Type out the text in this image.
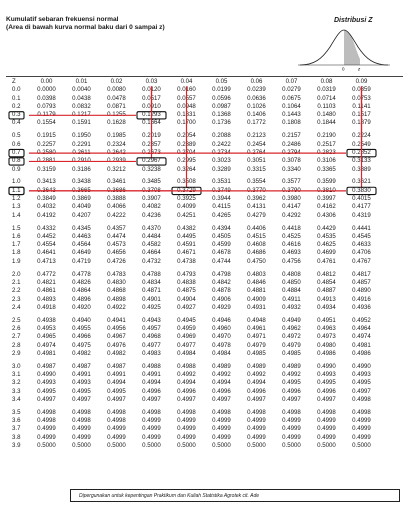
Kumulatif sebaran frekuensi normal
(Area di bawah kurva normal baku dari 0 sampai z)
Distribusi Z
0	z
Z	0.00	0.01	0.02	0.03	0.04	0.05	0.06	0.07	0.08	0.09
0.0	0.0000	0.0040	0.0080	0.0120	0.0160	0.0199	0.0239	0.0279	0.0319	0.0359
0.1	0.0398	0.0438	0.0478	0.0517	0.0557	0.0596	0.0636	0.0675	0.0714	0.0753
0.2	0.0793	0.0832	0.0871	0.0910	0.0948	0.0987	0.1026	0.1064	0.1103	0.1141
0.3	0.1179	0.1217	0.1255	0.1293	0.1331	0.1368	0.1406	0.1443	0.1480	0.1517
0.4	0.1554	0.1591	0.1628	0.1664	0.1700	0.1736	0.1772	0.1808	0.1844	0.1879

0.5	0.1915	0.1950	0.1985	0.2019	0.2054	0.2088	0.2123	0.2157	0.2190	0.2224
0.6	0.2257	0.2291	0.2324	0.2357	0.2389	0.2422	0.2454	0.2486	0.2517	0.2549
0.7	0.2580	0.2611	0.2642	0.2673	0.2704	0.2734	0.2764	0.2794	0.2823	0.2852
0.8	0.2881	0.2910	0.2939	0.2967	0.2995	0.3023	0.3051	0.3078	0.3106	0.3133
0.9	0.3159	0.3186	0.3212	0.3238	0.3264	0.3289	0.3315	0.3340	0.3365	0.3389

1.0	0.3413	0.3438	0.3461	0.3485	0.3508	0.3531	0.3554	0.3577	0.3599	0.3621
1.1	0.3643	0.3665	0.3686	0.3708	0.3729	0.3749	0.3770	0.3790	0.3810	0.3830
1.2	0.3849	0.3869	0.3888	0.3907	0.3925	0.3944	0.3962	0.3980	0.3997	0.4015
1.3	0.4032	0.4049	0.4066	0.4082	0.4099	0.4115	0.4131	0.4147	0.4162	0.4177
1.4	0.4192	0.4207	0.4222	0.4236	0.4251	0.4265	0.4279	0.4292	0.4306	0.4319

1.5	0.4332	0.4345	0.4357	0.4370	0.4382	0.4394	0.4406	0.4418	0.4429	0.4441
1.6	0.4452	0.4463	0.4474	0.4484	0.4495	0.4505	0.4515	0.4525	0.4535	0.4545
1.7	0.4554	0.4564	0.4573	0.4582	0.4591	0.4599	0.4608	0.4616	0.4625	0.4633
1.8	0.4641	0.4649	0.4656	0.4664	0.4671	0.4678	0.4686	0.4693	0.4699	0.4706
1.9	0.4713	0.4719	0.4726	0.4732	0.4738	0.4744	0.4750	0.4756	0.4761	0.4767

2.0	0.4772	0.4778	0.4783	0.4788	0.4793	0.4798	0.4803	0.4808	0.4812	0.4817
2.1	0.4821	0.4826	0.4830	0.4834	0.4838	0.4842	0.4846	0.4850	0.4854	0.4857
2.2	0.4861	0.4864	0.4868	0.4871	0.4875	0.4878	0.4881	0.4884	0.4887	0.4890
2.3	0.4893	0.4896	0.4898	0.4901	0.4904	0.4906	0.4909	0.4911	0.4913	0.4916
2.4	0.4918	0.4920	0.4922	0.4925	0.4927	0.4929	0.4931	0.4932	0.4934	0.4936

2.5	0.4938	0.4940	0.4941	0.4943	0.4945	0.4946	0.4948	0.4949	0.4951	0.4952
2.6	0.4953	0.4955	0.4956	0.4957	0.4959	0.4960	0.4961	0.4962	0.4963	0.4964
2.7	0.4965	0.4966	0.4967	0.4968	0.4969	0.4970	0.4971	0.4972	0.4973	0.4974
2.8	0.4974	0.4975	0.4976	0.4977	0.4977	0.4978	0.4979	0.4979	0.4980	0.4981
2.9	0.4981	0.4982	0.4982	0.4983	0.4984	0.4984	0.4985	0.4985	0.4986	0.4986

3.0	0.4987	0.4987	0.4987	0.4988	0.4988	0.4989	0.4989	0.4989	0.4990	0.4990
3.1	0.4990	0.4991	0.4991	0.4991	0.4992	0.4992	0.4992	0.4992	0.4993	0.4993
3.2	0.4993	0.4993	0.4994	0.4994	0.4994	0.4994	0.4994	0.4995	0.4995	0.4995
3.3	0.4995	0.4995	0.4995	0.4996	0.4996	0.4996	0.4996	0.4996	0.4996	0.4997
3.4	0.4997	0.4997	0.4997	0.4997	0.4997	0.4997	0.4997	0.4997	0.4997	0.4998

3.5	0.4998	0.4998	0.4998	0.4998	0.4998	0.4998	0.4998	0.4998	0.4998	0.4998
3.6	0.4998	0.4998	0.4998	0.4999	0.4999	0.4999	0.4999	0.4999	0.4999	0.4999
3.7	0.4999	0.4999	0.4999	0.4999	0.4999	0.4999	0.4999	0.4999	0.4999	0.4999
3.8	0.4999	0.4999	0.4999	0.4999	0.4999	0.4999	0.4999	0.4999	0.4999	0.4999
3.9	0.5000	0.5000	0.5000	0.5000	0.5000	0.5000	0.5000	0.5000	0.5000	0.5000
Dipergunakan untuk kepentingan Praktikum dan Kuliah Statistika Agrotek cit. Ade
